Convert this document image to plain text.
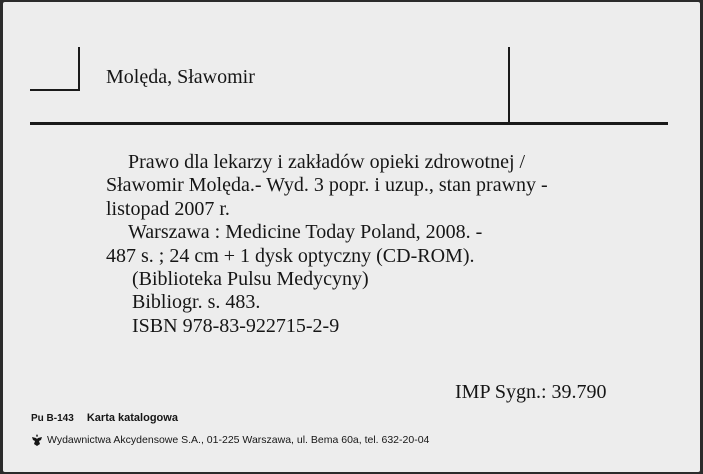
Molęda, Sławomir
Prawo dla lekarzy i zakładów opieki zdrowotnej /
Sławomir Molęda.- Wyd. 3 popr. i uzup., stan prawny -
listopad 2007 r.
Warszawa : Medicine Today Poland, 2008. -
487 s. ; 24 cm + 1 dysk optyczny (CD-ROM).
(Biblioteka Pulsu Medycyny)
Bibliogr. s. 483.
ISBN 978-83-922715-2-9
IMP Sygn.: 39.790
Pu B-143 Karta katalogowa
Wydawnictwa Akcydensowe S.A., 01-225 Warszawa, ul. Bema 60a, tel. 632-20-04
